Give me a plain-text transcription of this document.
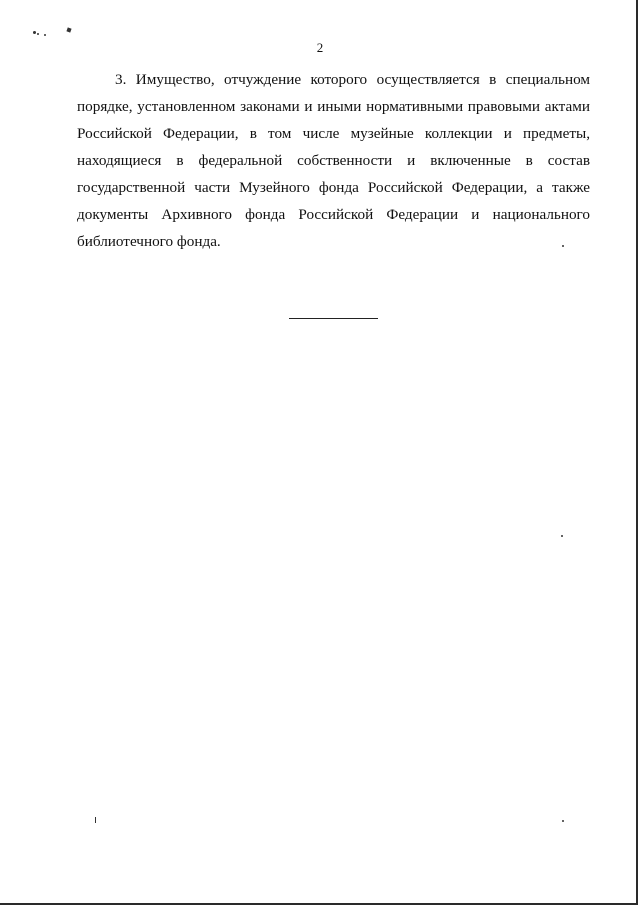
2

3. Имущество, отчуждение которого осуществляется в специальном порядке, установленном законами и иными нормативными правовыми актами Российской Федерации, в том числе музейные коллекции и предметы, находящиеся в федеральной собственности и включенные в состав государственной части Музейного фонда Российской Федерации, а также документы Архивного фонда Российской Федерации и национального библиотечного фонда.
